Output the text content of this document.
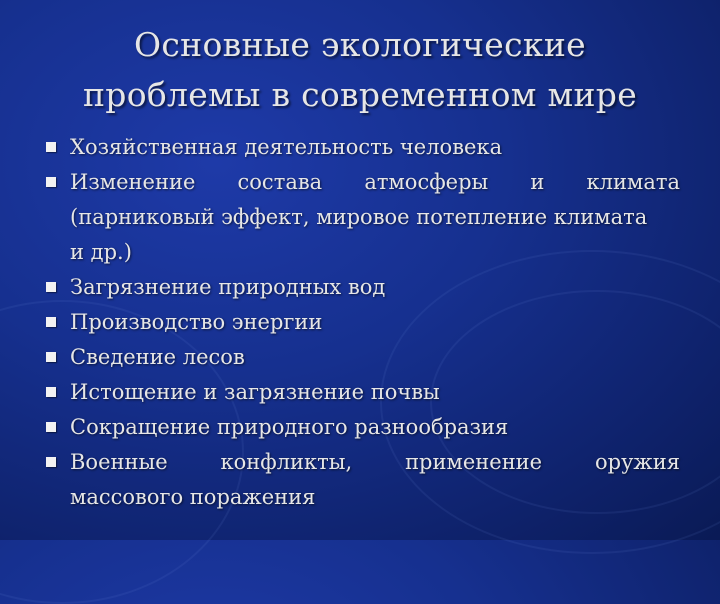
Основные экологические
проблемы в современном мире
Хозяйственная деятельность человека
Изменение состава атмосферы и климата
(парниковый эффект, мировое потепление климата
и др.)
Загрязнение природных вод
Производство энергии
Сведение лесов
Истощение и загрязнение почвы
Сокращение природного разнообразия
Военные конфликты, применение оружия
массового поражения
